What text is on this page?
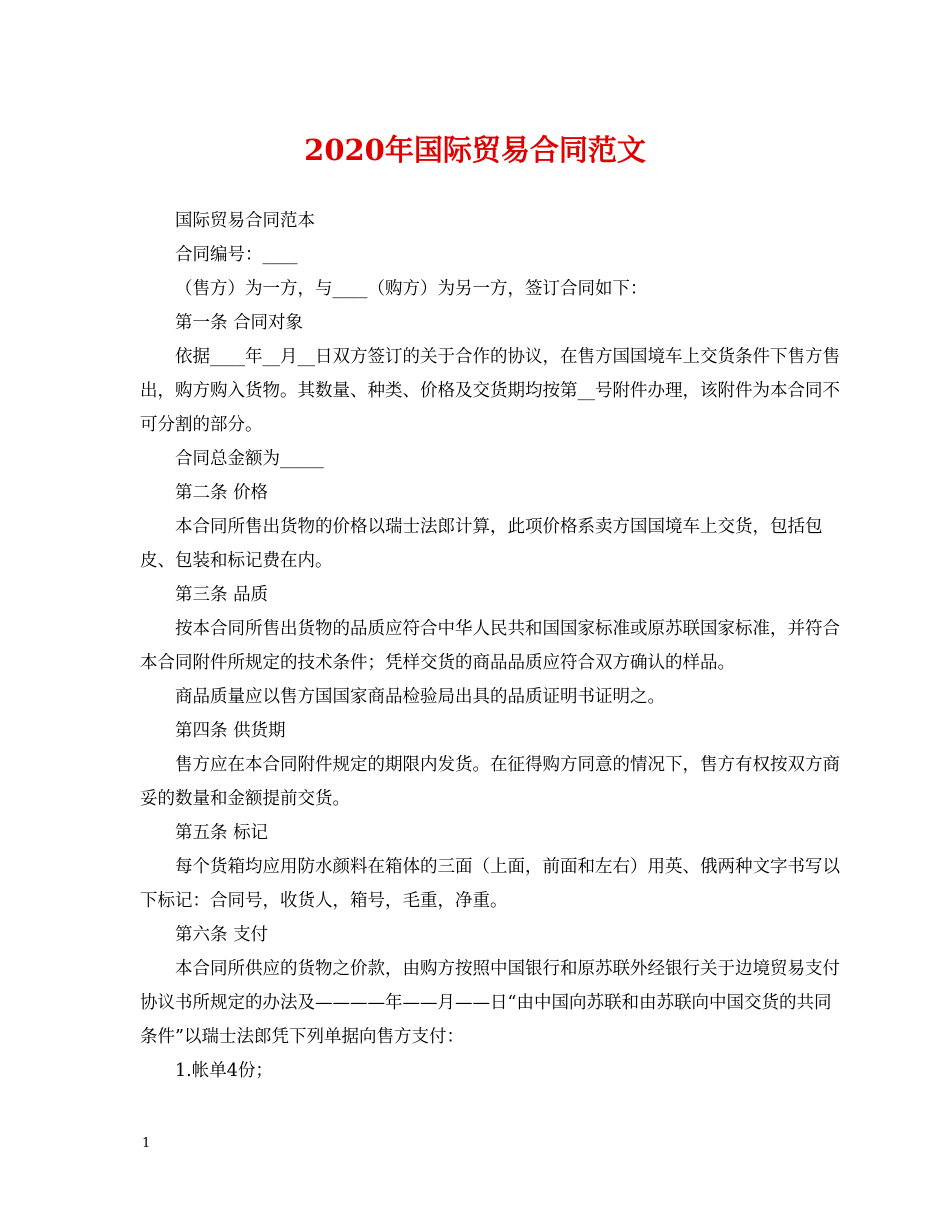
2020年国际贸易合同范文

国际贸易合同范本

合同编号：____

（售方）为一方，与____（购方）为另一方，签订合同如下：

第一条 合同对象

依据____年__月__日双方签订的关于合作的协议，在售方国国境车上交货条件下售方售出，购方购入货物。其数量、种类、价格及交货期均按第__号附件办理，该附件为本合同不可分割的部分。

合同总金额为_____

第二条 价格

本合同所售出货物的价格以瑞士法郎计算，此项价格系卖方国国境车上交货，包括包皮、包装和标记费在内。

第三条 品质

按本合同所售出货物的品质应符合中华人民共和国国家标准或原苏联国家标准，并符合本合同附件所规定的技术条件；凭样交货的商品品质应符合双方确认的样品。

商品质量应以售方国国家商品检验局出具的品质证明书证明之。

第四条 供货期

售方应在本合同附件规定的期限内发货。在征得购方同意的情况下，售方有权按双方商妥的数量和金额提前交货。

第五条 标记

每个货箱均应用防水颜料在箱体的三面（上面，前面和左右）用英、俄两种文字书写以下标记：合同号，收货人，箱号，毛重，净重。

第六条 支付

本合同所供应的货物之价款，由购方按照中国银行和原苏联外经银行关于边境贸易支付协议书所规定的办法及————年——月——日“由中国向苏联和由苏联向中国交货的共同条件”以瑞士法郎凭下列单据向售方支付：

1.帐单4份；

1
